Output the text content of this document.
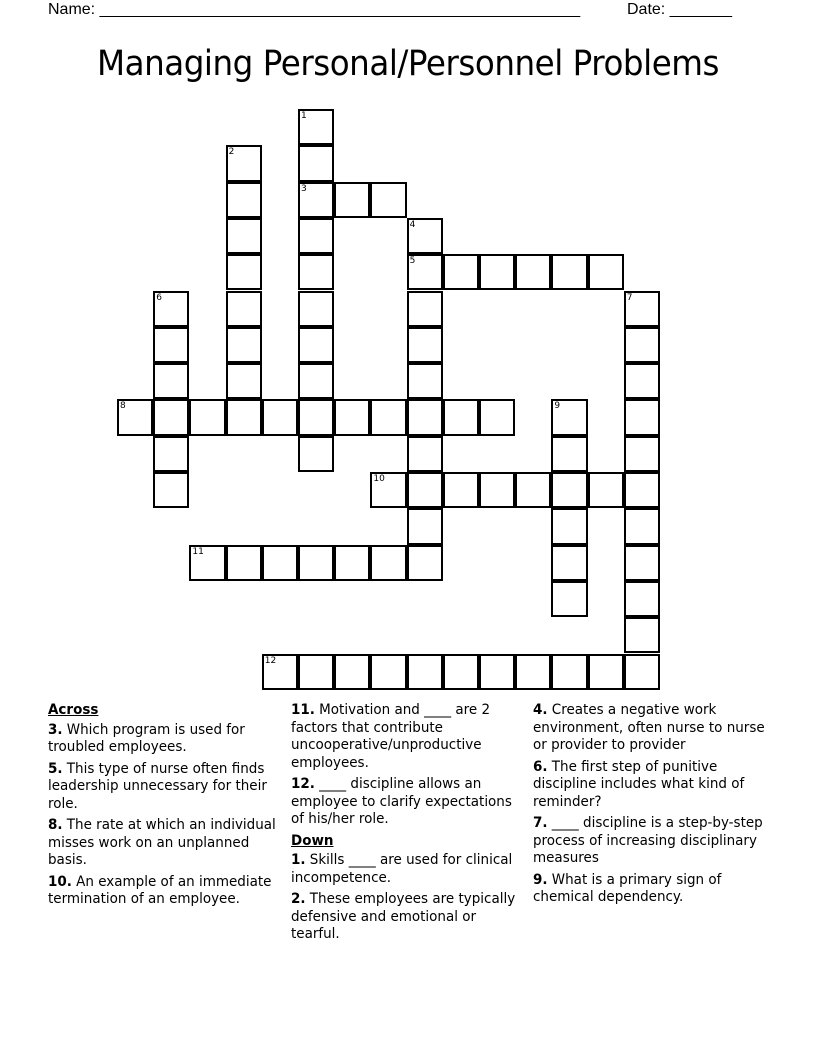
Name: ______________________________________________________	Date: _______
Managing Personal/Personnel Problems
1
3
2
4
5
6	7
8	9
10
11
12
Across
3. Which program is used for troubled employees.
5. This type of nurse often finds leadership unnecessary for their role.
8. The rate at which an individual misses work on an unplanned basis.
10. An example of an immediate termination of an employee.
11. Motivation and ____ are 2 factors that contribute uncooperative/unproductive employees.
12. ____ discipline allows an employee to clarify expectations of his/her role.
Down
1. Skills ____ are used for clinical incompetence.
2. These employees are typically defensive and emotional or tearful.
4. Creates a negative work environment, often nurse to nurse or provider to provider
6. The first step of punitive discipline includes what kind of reminder?
7. ____ discipline is a step-by-step process of increasing disciplinary measures
9. What is a primary sign of chemical dependency.
